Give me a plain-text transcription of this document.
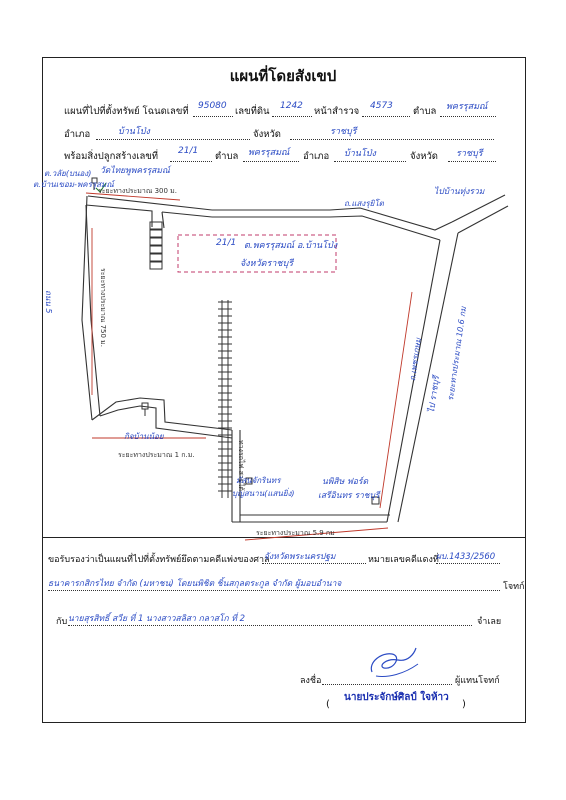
แผนที่โดยสังเขป
แผนที่ไปที่ตั้งทรัพย์ โฉนดเลขที่ 95080 เลขที่ดิน 1242 หน้าสำรวจ 4573 ตำบล พครรุสมณ์
อำเภอ	บ้านโป่ง	จังหวัด	ราชบุรี
พร้อมสิ่งปลูกสร้างเลขที่ 21/1 ตำบล พครรุสมณ์ อำเภอ บ้านโป่ง	จังหวัด ราชบุรี
ต.วลัย(บนอง)
ต.บ้านเขอม-พครรุสมณ์
วัดไทยพูพครรุสมณ์
ระยะทางประมาณ 300 ม.
ถ.แสงรุยิโต
ไปบ้านทุ่งรวม
21/1 ต.พครรุสมณ์ อ.บ้านโป่ง
จังหวัดราชบุรี
ถนน 5	ระยะทางประมาณ 750 ม.
กิจบ้านน้อย
ระยะทางประมาณ 1 ก.ม.	ทางรถไฟ สายใต้
มัสนจักรินทร
บุญสนาน(แสนยิ่ง)
นพิสิษ ฟอร์ด
เสรีอินทร ราชบุรี
ถ.เพชรเกษม
ไป ราชบุรี ระยะทางประมาณ 10.6 กม
ระยะทางประมาณ 5.9 กม
ขอรับรองว่าเป็นแผนที่ไปที่ตั้งทรัพย์ยึดตามคดีแพ่งของศาล
จังหวัดพระนครปฐม	หมายเลขคดีแดงที่
ผบ.1433/2560
ธนาคารกสิกรไทย จำกัด (มหาชน) โดยนพิชิต ชิ้นสกุลตระกูล จำกัด ผู้มอบอำนาจ	โจทก์
กับ นายสุรสิทธิ์ สวีย ที่ 1 นางสาวสลิสา กลาสโก ที่ 2	จำเลย
ลงชื่อ	ผู้แทนโจทก์
(
นายประจักษ์ศิลป์ ใจห้าว
)
